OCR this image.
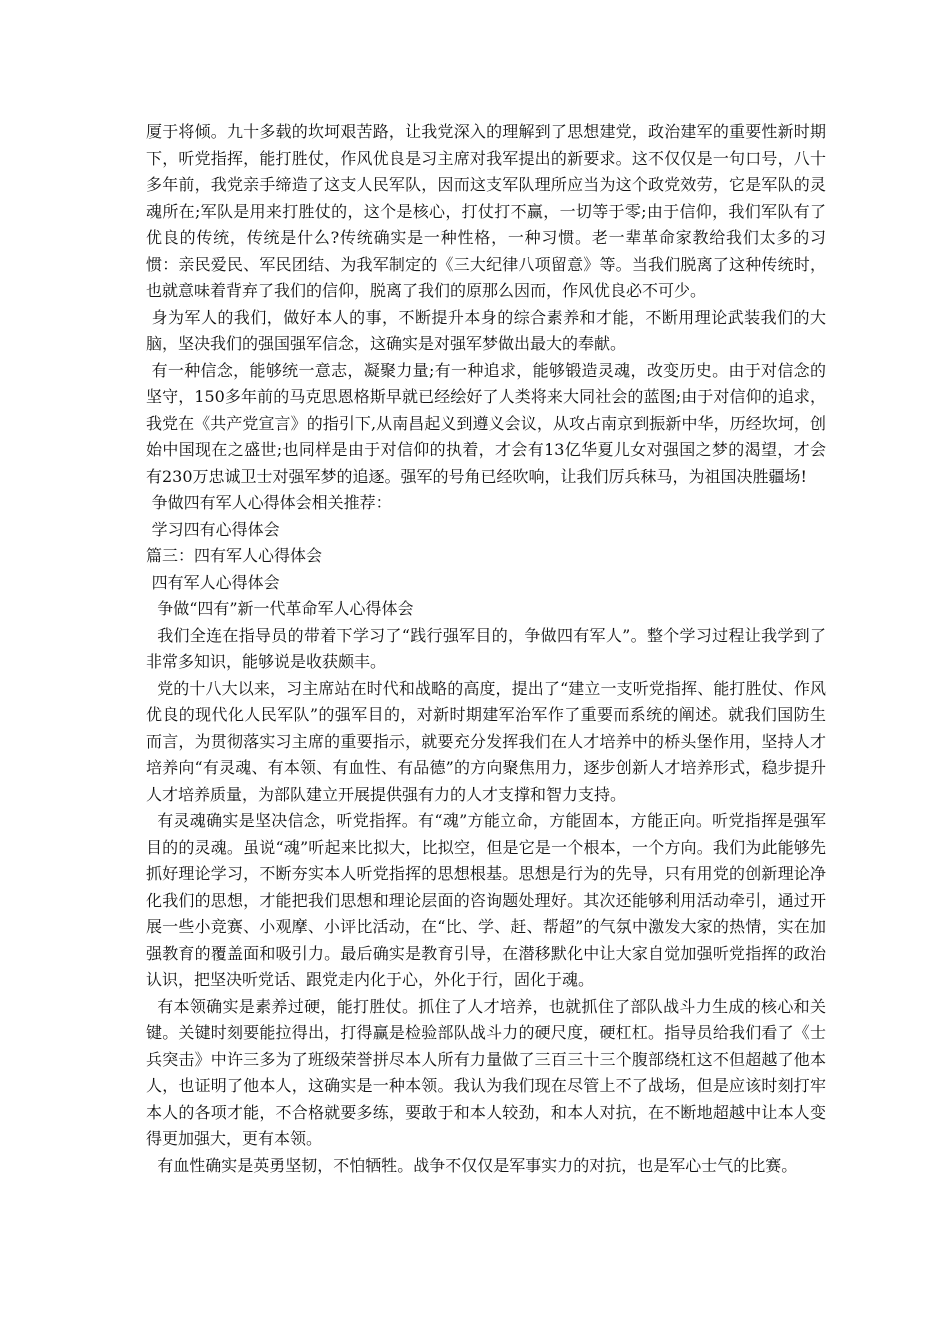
厦于将倾。九十多载的坎坷艰苦路，让我党深入的理解到了思想建党，政治建军的重要性新时期下，听党指挥，能打胜仗，作风优良是习主席对我军提出的新要求。这不仅仅是一句口号，八十多年前，我党亲手缔造了这支人民军队，因而这支军队理所应当为这个政党效劳，它是军队的灵魂所在;军队是用来打胜仗的，这个是核心，打仗打不赢，一切等于零;由于信仰，我们军队有了优良的传统，传统是什么?传统确实是一种性格，一种习惯。老一辈革命家教给我们太多的习惯：亲民爱民、军民团结、为我军制定的《三大纪律八项留意》等。当我们脱离了这种传统时，也就意味着背弃了我们的信仰，脱离了我们的原那么因而，作风优良必不可少。

身为军人的我们，做好本人的事，不断提升本身的综合素养和才能，不断用理论武装我们的大脑，坚决我们的强国强军信念，这确实是对强军梦做出最大的奉献。

有一种信念，能够统一意志，凝聚力量;有一种追求，能够锻造灵魂，改变历史。由于对信念的坚守，150多年前的马克思恩格斯早就已经绘好了人类将来大同社会的蓝图;由于对信仰的追求，我党在《共产党宣言》的指引下,从南昌起义到遵义会议，从攻占南京到振新中华，历经坎坷，创始中国现在之盛世;也同样是由于对信仰的执着，才会有13亿华夏儿女对强国之梦的渴望，才会有230万忠诚卫士对强军梦的追逐。强军的号角已经吹响，让我们厉兵秣马，为祖国决胜疆场!

争做四有军人心得体会相关推荐：

学习四有心得体会

篇三：四有军人心得体会

四有军人心得体会

争做“四有”新一代革命军人心得体会

我们全连在指导员的带着下学习了“践行强军目的，争做四有军人”。整个学习过程让我学到了非常多知识，能够说是收获颇丰。

党的十八大以来，习主席站在时代和战略的高度，提出了“建立一支听党指挥、能打胜仗、作风优良的现代化人民军队”的强军目的，对新时期建军治军作了重要而系统的阐述。就我们国防生而言，为贯彻落实习主席的重要指示，就要充分发挥我们在人才培养中的桥头堡作用，坚持人才培养向“有灵魂、有本领、有血性、有品德”的方向聚焦用力，逐步创新人才培养形式，稳步提升人才培养质量，为部队建立开展提供强有力的人才支撑和智力支持。

有灵魂确实是坚决信念，听党指挥。有“魂”方能立命，方能固本，方能正向。听党指挥是强军目的的灵魂。虽说“魂”听起来比拟大，比拟空，但是它是一个根本，一个方向。我们为此能够先抓好理论学习，不断夯实本人听党指挥的思想根基。思想是行为的先导，只有用党的创新理论净化我们的思想，才能把我们思想和理论层面的咨询题处理好。其次还能够利用活动牵引，通过开展一些小竞赛、小观摩、小评比活动，在“比、学、赶、帮超”的气氛中激发大家的热情，实在加强教育的覆盖面和吸引力。最后确实是教育引导，在潜移默化中让大家自觉加强听党指挥的政治认识，把坚决听党话、跟党走内化于心，外化于行，固化于魂。

有本领确实是素养过硬，能打胜仗。抓住了人才培养，也就抓住了部队战斗力生成的核心和关键。关键时刻要能拉得出，打得赢是检验部队战斗力的硬尺度，硬杠杠。指导员给我们看了《士兵突击》中许三多为了班级荣誉拼尽本人所有力量做了三百三十三个腹部绕杠这不但超越了他本人，也证明了他本人，这确实是一种本领。我认为我们现在尽管上不了战场，但是应该时刻打牢本人的各项才能，不合格就要多练，要敢于和本人较劲，和本人对抗，在不断地超越中让本人变得更加强大，更有本领。

有血性确实是英勇坚韧，不怕牺牲。战争不仅仅是军事实力的对抗，也是军心士气的比赛。
